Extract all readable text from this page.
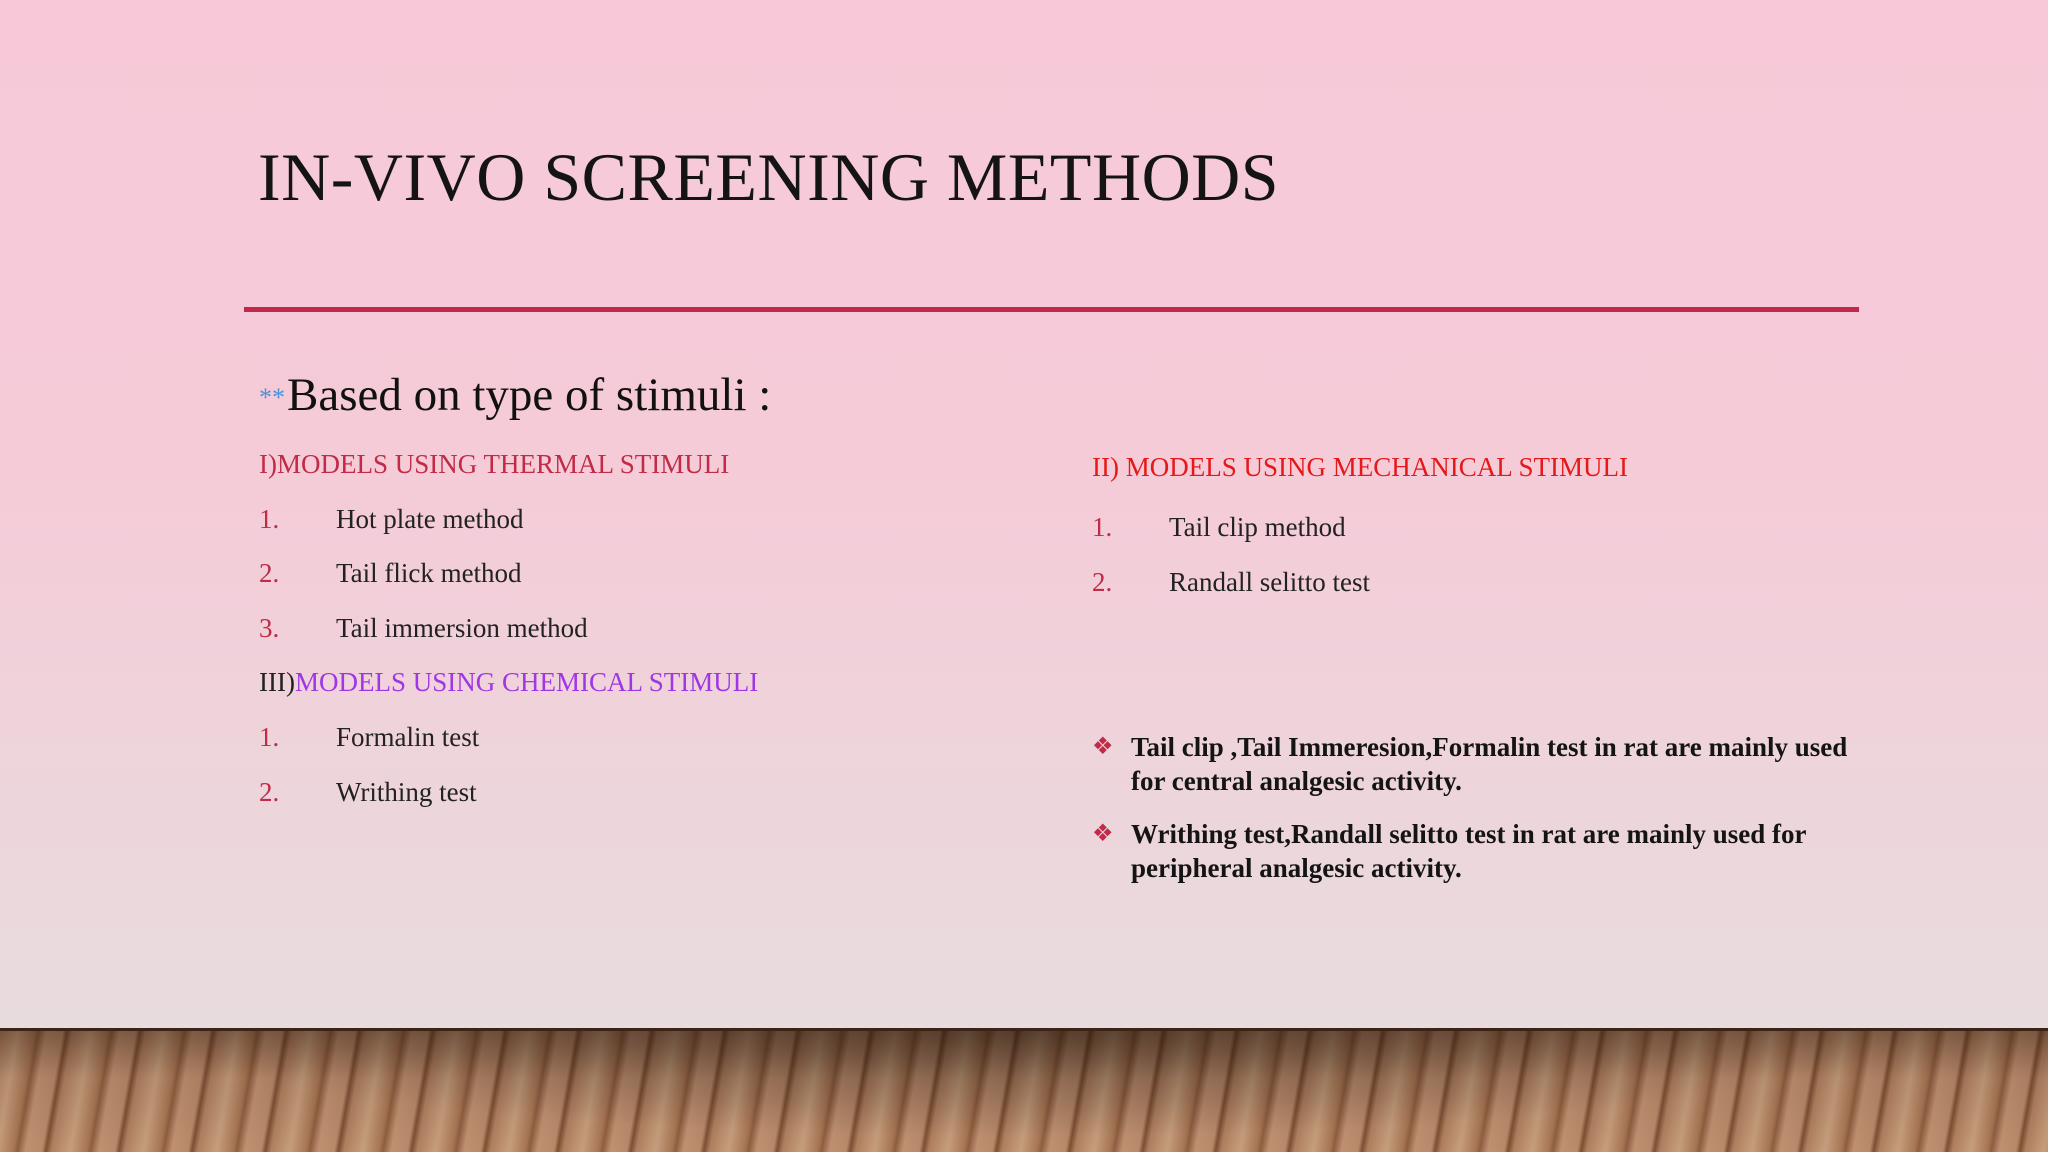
IN-VIVO SCREENING METHODS
**Based on type of stimuli :
I)MODELS USING THERMAL STIMULI
1. Hot plate method
2. Tail flick method
3. Tail immersion method
III)MODELS USING CHEMICAL STIMULI
1. Formalin test
2. Writhing test
II) MODELS USING MECHANICAL STIMULI
1. Tail clip method
2. Randall selitto test
❖ Tail clip ,Tail Immeresion,Formalin test in rat are mainly used for central analgesic activity.
❖ Writhing test,Randall selitto test in rat are mainly used for peripheral analgesic activity.
